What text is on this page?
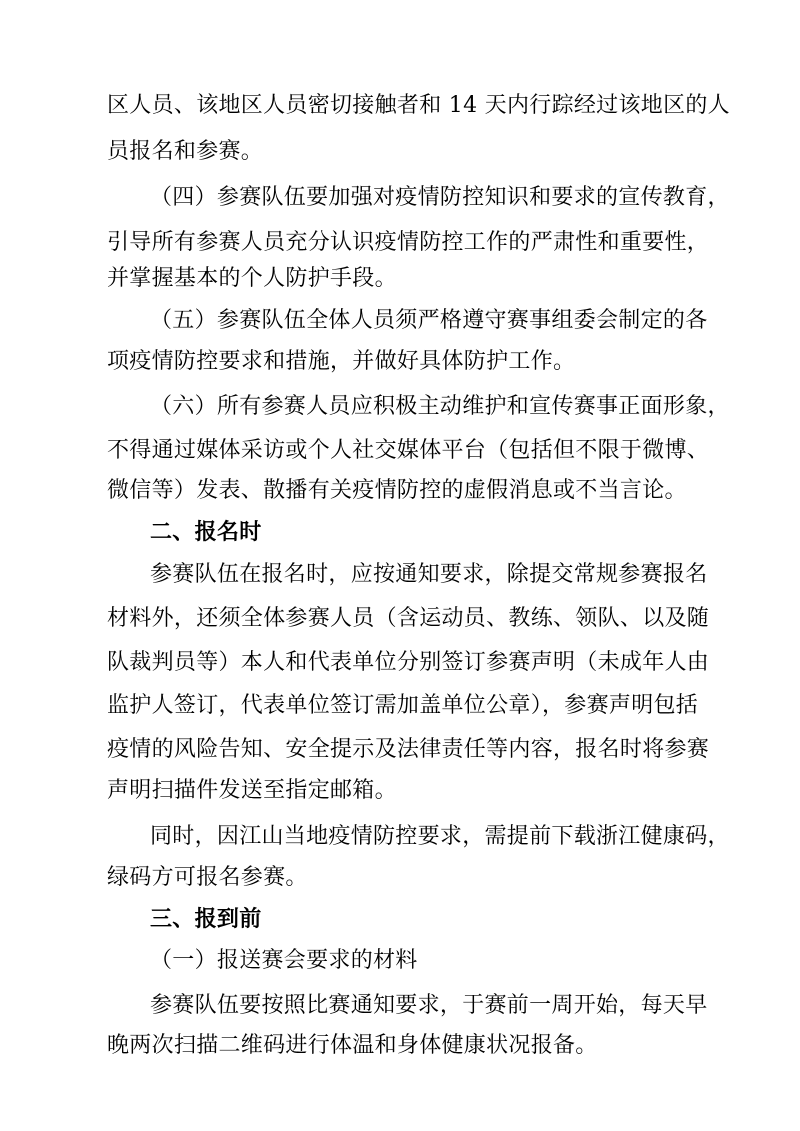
区人员、该地区人员密切接触者和 14 天内行踪经过该地区的人
员报名和参赛。
（四）参赛队伍要加强对疫情防控知识和要求的宣传教育，
引导所有参赛人员充分认识疫情防控工作的严肃性和重要性，
并掌握基本的个人防护手段。
（五）参赛队伍全体人员须严格遵守赛事组委会制定的各
项疫情防控要求和措施，并做好具体防护工作。
（六）所有参赛人员应积极主动维护和宣传赛事正面形象，
不得通过媒体采访或个人社交媒体平台（包括但不限于微博、
微信等）发表、散播有关疫情防控的虚假消息或不当言论。
二、报名时
参赛队伍在报名时，应按通知要求，除提交常规参赛报名
材料外，还须全体参赛人员（含运动员、教练、领队、以及随
队裁判员等）本人和代表单位分别签订参赛声明（未成年人由
监护人签订，代表单位签订需加盖单位公章），参赛声明包括
疫情的风险告知、安全提示及法律责任等内容，报名时将参赛
声明扫描件发送至指定邮箱。
同时，因江山当地疫情防控要求，需提前下载浙江健康码，
绿码方可报名参赛。
三、报到前
（一）报送赛会要求的材料
参赛队伍要按照比赛通知要求，于赛前一周开始，每天早
晚两次扫描二维码进行体温和身体健康状况报备。
